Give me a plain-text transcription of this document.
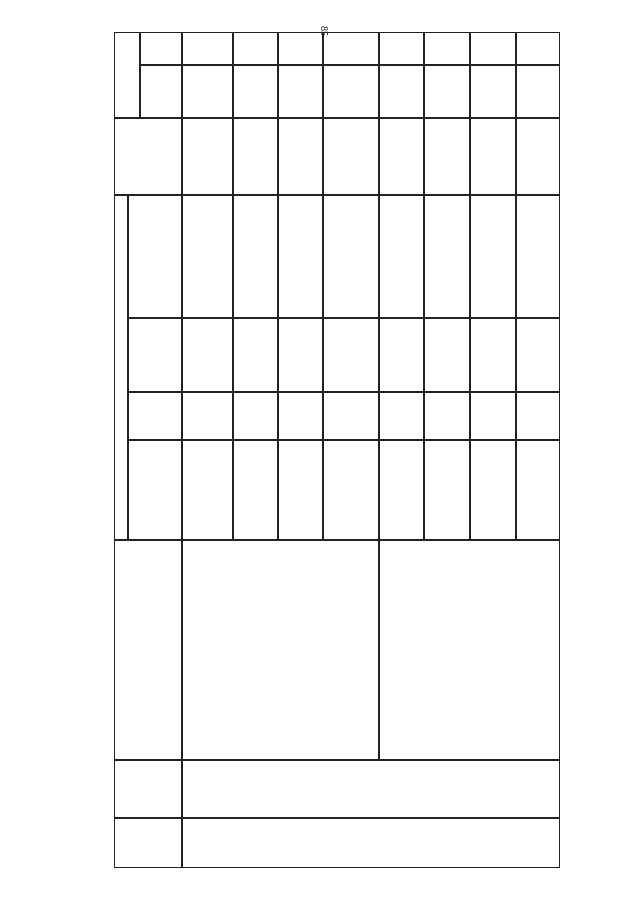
85
